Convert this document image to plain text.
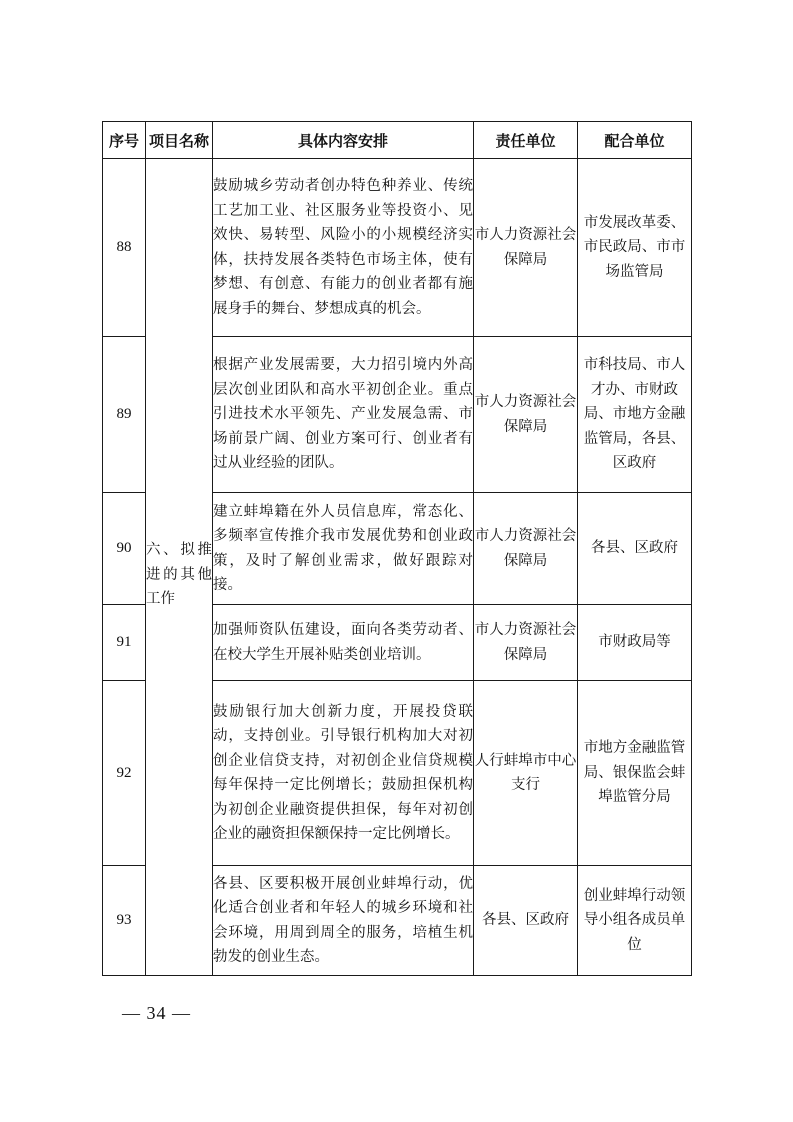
序号	项目名称	具体内容安排	责任单位	配合单位
88	六、拟推进的其他工作	鼓励城乡劳动者创办特色种养业、传统工艺加工业、社区服务业等投资小、见效快、易转型、风险小的小规模经济实体，扶持发展各类特色市场主体，使有梦想、有创意、有能力的创业者都有施展身手的舞台、梦想成真的机会。	市人力资源社会保障局	市发展改革委、市民政局、市市场监管局
89		根据产业发展需要，大力招引境内外高层次创业团队和高水平初创企业。重点引进技术水平领先、产业发展急需、市场前景广阔、创业方案可行、创业者有过从业经验的团队。	市人力资源社会保障局	市科技局、市人才办、市财政局、市地方金融监管局，各县、区政府
90		建立蚌埠籍在外人员信息库，常态化、多频率宣传推介我市发展优势和创业政策，及时了解创业需求，做好跟踪对接。	市人力资源社会保障局	各县、区政府
91		加强师资队伍建设，面向各类劳动者、在校大学生开展补贴类创业培训。	市人力资源社会保障局	市财政局等
92		鼓励银行加大创新力度，开展投贷联动，支持创业。引导银行机构加大对初创企业信贷支持，对初创企业信贷规模每年保持一定比例增长；鼓励担保机构为初创企业融资提供担保，每年对初创企业的融资担保额保持一定比例增长。	人行蚌埠市中心支行	市地方金融监管局、银保监会蚌埠监管分局
93		各县、区要积极开展创业蚌埠行动，优化适合创业者和年轻人的城乡环境和社会环境，用周到周全的服务，培植生机勃发的创业生态。	各县、区政府	创业蚌埠行动领导小组各成员单位
— 34 —
